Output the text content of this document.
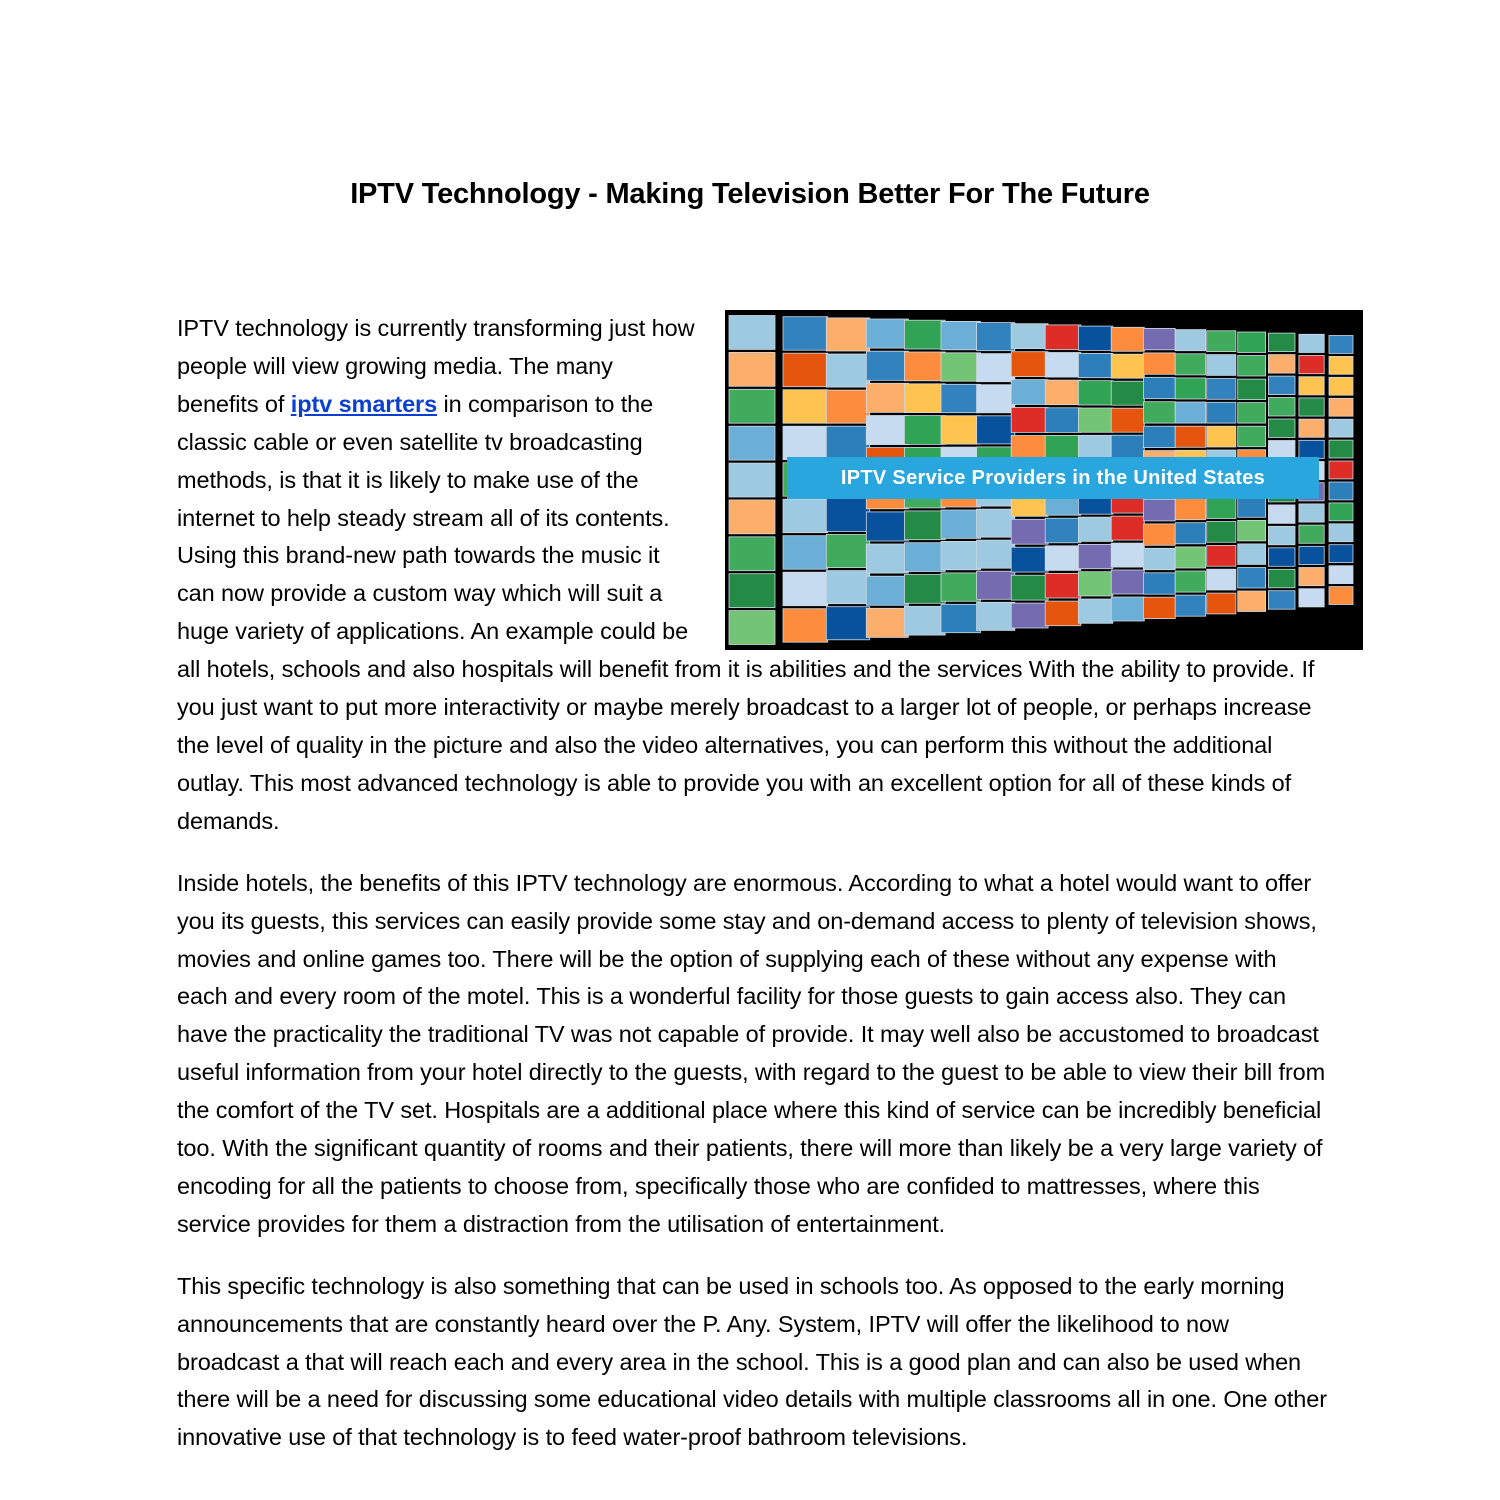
IPTV Technology - Making Television Better For The Future
IPTV Service Providers in the United States

IPTV technology is currently transforming just how people will view growing media. The many benefits of iptv smarters in comparison to the classic cable or even satellite tv broadcasting methods, is that it is likely to make use of the internet to help steady stream all of its contents. Using this brand-new path towards the music it can now provide a custom way which will suit a huge variety of applications. An example could be all hotels, schools and also hospitals will benefit from it is abilities and the services With the ability to provide. If you just want to put more interactivity or maybe merely broadcast to a larger lot of people, or perhaps increase the level of quality in the picture and also the video alternatives, you can perform this without the additional outlay. This most advanced technology is able to provide you with an excellent option for all of these kinds of demands.

Inside hotels, the benefits of this IPTV technology are enormous. According to what a hotel would want to offer you its guests, this services can easily provide some stay and on-demand access to plenty of television shows, movies and online games too. There will be the option of supplying each of these without any expense with each and every room of the motel. This is a wonderful facility for those guests to gain access also. They can have the practicality the traditional TV was not capable of provide. It may well also be accustomed to broadcast useful information from your hotel directly to the guests, with regard to the guest to be able to view their bill from the comfort of the TV set. Hospitals are a additional place where this kind of service can be incredibly beneficial too. With the significant quantity of rooms and their patients, there will more than likely be a very large variety of encoding for all the patients to choose from, specifically those who are confided to mattresses, where this service provides for them a distraction from the utilisation of entertainment.

This specific technology is also something that can be used in schools too. As opposed to the early morning announcements that are constantly heard over the P. Any. System, IPTV will offer the likelihood to now broadcast a that will reach each and every area in the school. This is a good plan and can also be used when there will be a need for discussing some educational video details with multiple classrooms all in one. One other innovative use of that technology is to feed water-proof bathroom televisions.
